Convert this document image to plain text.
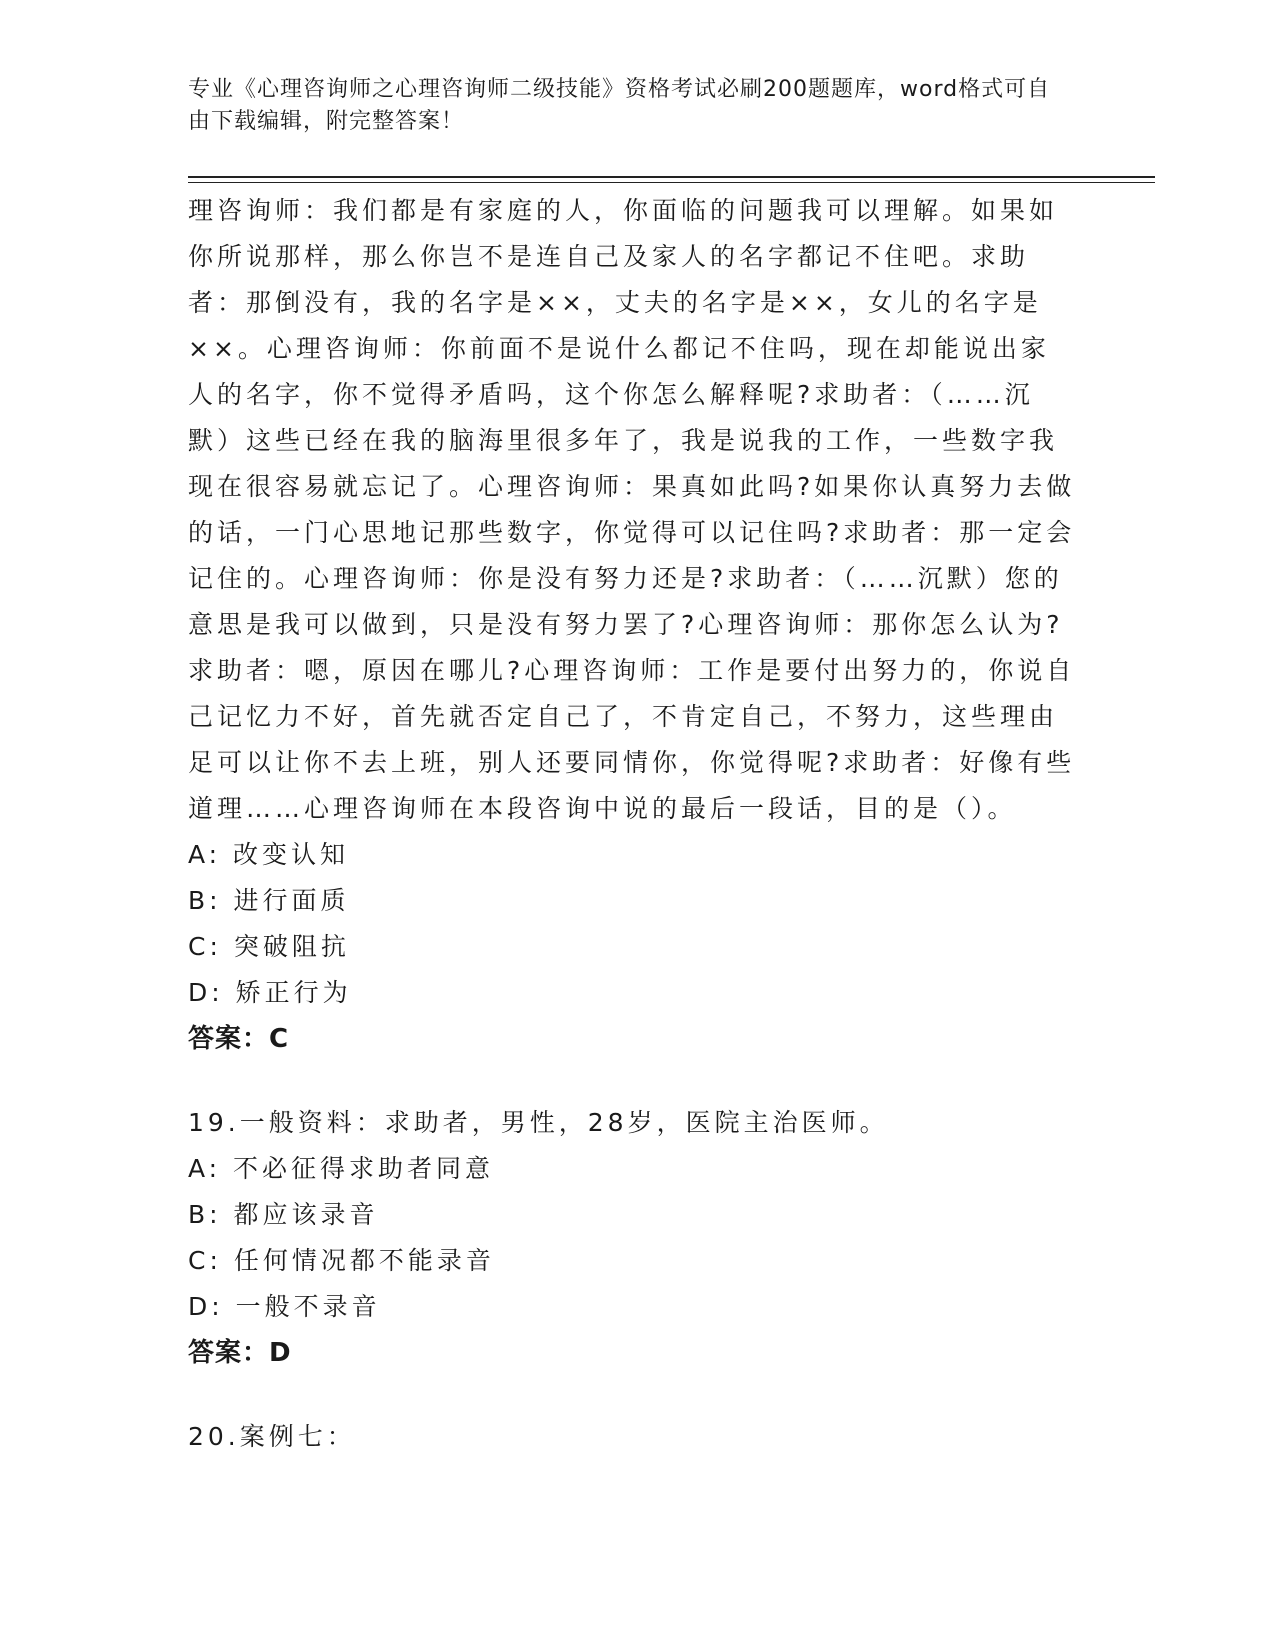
专业《心理咨询师之心理咨询师二级技能》资格考试必刷200题题库，word格式可自由下载编辑，附完整答案！

理咨询师：我们都是有家庭的人，你面临的问题我可以理解。如果如你所说那样，那么你岂不是连自己及家人的名字都记不住吧。求助者：那倒没有，我的名字是××，丈夫的名字是××，女儿的名字是××。心理咨询师：你前面不是说什么都记不住吗，现在却能说出家人的名字，你不觉得矛盾吗，这个你怎么解释呢?求助者：（……沉默）这些已经在我的脑海里很多年了，我是说我的工作，一些数字我现在很容易就忘记了。心理咨询师：果真如此吗?如果你认真努力去做的话，一门心思地记那些数字，你觉得可以记住吗?求助者：那一定会记住的。心理咨询师：你是没有努力还是?求助者：（……沉默）您的意思是我可以做到，只是没有努力罢了?心理咨询师：那你怎么认为?求助者：嗯，原因在哪儿?心理咨询师：工作是要付出努力的，你说自己记忆力不好，首先就否定自己了，不肯定自己，不努力，这些理由足可以让你不去上班，别人还要同情你，你觉得呢?求助者：好像有些道理……心理咨询师在本段咨询中说的最后一段话，目的是（）。

A: 改变认知
B: 进行面质
C: 突破阻抗
D: 矫正行为
答案：C
19.一般资料：求助者，男性，28岁，医院主治医师。
A: 不必征得求助者同意
B: 都应该录音
C: 任何情况都不能录音
D: 一般不录音
答案：D
20.案例七：
